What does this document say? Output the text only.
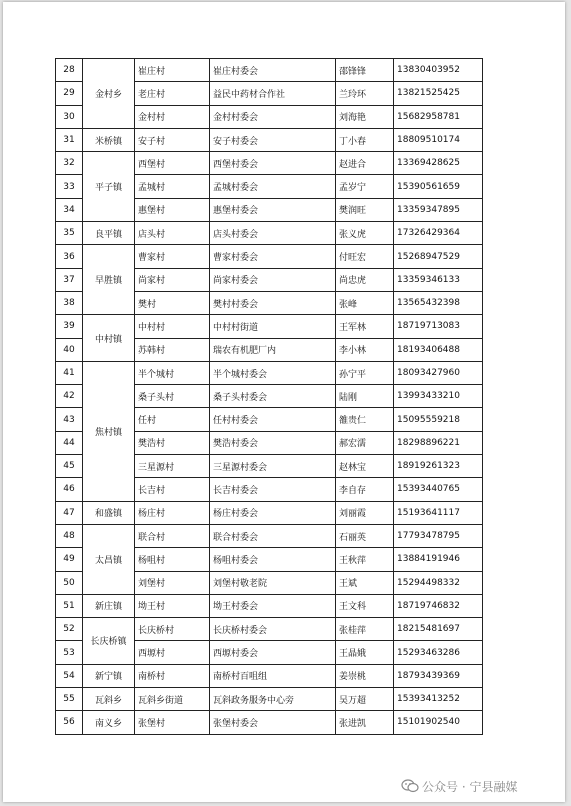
28	金村乡	崔庄村	崔庄村委会	邵锋锋	13830403952
29		老庄村	益民中药材合作社	兰玲环	13821525425
30		金村村	金村村委会	刘海艳	15682958781
31	米桥镇	安子村	安子村委会	丁小春	18809510174
32	平子镇	西堡村	西堡村委会	赵进合	13369428625
33		孟城村	孟城村委会	孟岁宁	15390561659
34		惠堡村	惠堡村委会	樊润旺	13359347895
35	良平镇	店头村	店头村委会	张义虎	17326429364
36	早胜镇	曹家村	曹家村委会	付旺宏	15268947529
37		尚家村	尚家村委会	尚忠虎	13359346133
38		樊村	樊村村委会	张峰	13565432398
39	中村镇	中村村	中村村街道	王军林	18719713083
40		苏韩村	瑞农有机肥厂内	李小林	18193406488
41	焦村镇	半个城村	半个城村委会	孙宁平	18093427960
42		桑子头村	桑子头村委会	陆刚	13993433210
43		任村	任村村委会	雒贵仁	15095559218
44		樊浩村	樊浩村委会	郝宏濡	18298896221
45		三星源村	三星源村委会	赵林宝	18919261323
46		长吉村	长吉村委会	李自存	15393440765
47	和盛镇	杨庄村	杨庄村委会	刘丽霞	15193641117
48	太昌镇	联合村	联合村委会	石丽英	17793478795
49		杨咀村	杨咀村委会	王秋萍	13884191946
50		刘堡村	刘堡村敬老院	王斌	15294498332
51	新庄镇	坳王村	坳王村委会	王文科	18719746832
52	长庆桥镇	长庆桥村	长庆桥村委会	张桂萍	18215481697
53		西塬村	西塬村委会	王晶娥	15293463286
54	新宁镇	南桥村	南桥村百咀组	姜崇桃	18793439369
55	瓦斜乡	瓦斜乡街道	瓦斜政务服务中心旁	吴万超	15393413252
56	南义乡	张堡村	张堡村委会	张进凯	15101902540
公众号 · 宁县融媒
